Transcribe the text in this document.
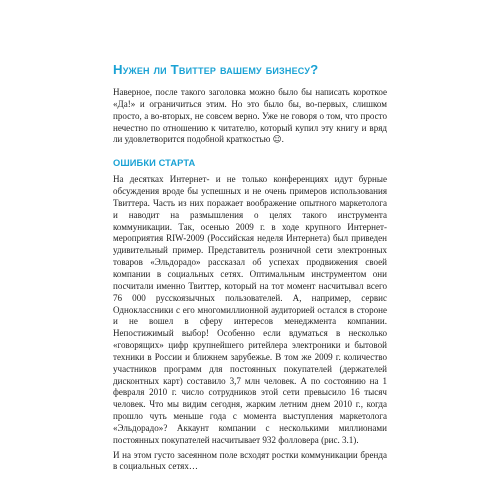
Нужен ли Твиттер вашему бизнесу?

Наверное, после такого заголовка можно было бы написать короткое «Да!» и ограничиться этим. Но это было бы, во-первых, слишком просто, а во-вторых, не совсем верно. Уже не говоря о том, что просто нечестно по отношению к читателю, который купил эту книгу и вряд ли удовлетворится подобной краткостью ☺.

ОШИБКИ СТАРТА

На десятках Интернет- и не только конференциях идут бурные обсуждения вроде бы успешных и не очень примеров использования Твиттера. Часть из них поражает воображение опытного маркетолога и наводит на размышления о целях такого инструмента коммуникации. Так, осенью 2009 г. в ходе крупного Интернет-мероприятия RIW-2009 (Российская неделя Интернета) был приведен удивительный пример. Представитель розничной сети электронных товаров «Эльдорадо» рассказал об успехах продвижения своей компании в социальных сетях. Оптимальным инструментом они посчитали именно Твиттер, который на тот момент насчитывал всего 76 000 русскоязычных пользователей. А, например, сервис Одноклассники с его многомиллионной аудиторией остался в стороне и не вошел в сферу интересов менеджмента компании. Непостижимый выбор! Особенно если вдуматься в несколько «говорящих» цифр крупнейшего ритейлера электроники и бытовой техники в России и ближнем зарубежье. В том же 2009 г. количество участников программ для постоянных покупателей (держателей дисконтных карт) составило 3,7 млн человек. А по состоянию на 1 февраля 2010 г. число сотрудников этой сети превысило 16 тысяч человек. Что мы видим сегодня, жарким летним днем 2010 г., когда прошло чуть меньше года с момента выступления маркетолога «Эльдорадо»? Аккаунт компании с несколькими миллионами постоянных покупателей насчитывает 932 фолловера (рис. 3.1).

И на этом густо засеянном поле всходят ростки коммуникации бренда в социальных сетях…
